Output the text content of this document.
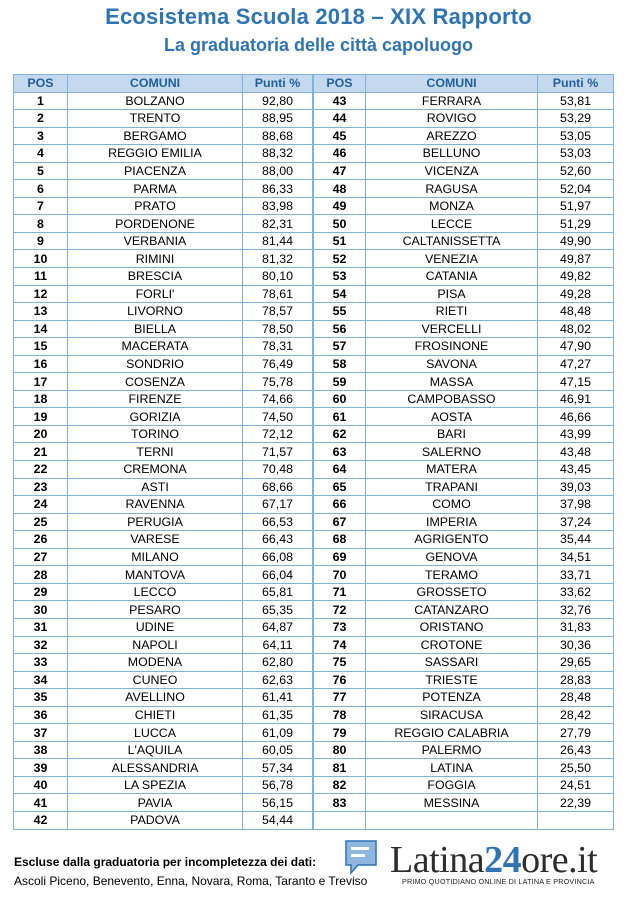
Ecosistema Scuola 2018 – XIX Rapporto
La graduatoria delle città capoluogo
POS	COMUNI	Punti %
1	BOLZANO	92,80
2	TRENTO	88,95
3	BERGAMO	88,68
4	REGGIO EMILIA	88,32
5	PIACENZA	88,00
6	PARMA	86,33
7	PRATO	83,98
8	PORDENONE	82,31
9	VERBANIA	81,44
10	RIMINI	81,32
11	BRESCIA	80,10
12	FORLI'	78,61
13	LIVORNO	78,57
14	BIELLA	78,50
15	MACERATA	78,31
16	SONDRIO	76,49
17	COSENZA	75,78
18	FIRENZE	74,66
19	GORIZIA	74,50
20	TORINO	72,12
21	TERNI	71,57
22	CREMONA	70,48
23	ASTI	68,66
24	RAVENNA	67,17
25	PERUGIA	66,53
26	VARESE	66,43
27	MILANO	66,08
28	MANTOVA	66,04
29	LECCO	65,81
30	PESARO	65,35
31	UDINE	64,87
32	NAPOLI	64,11
33	MODENA	62,80
34	CUNEO	62,63
35	AVELLINO	61,41
36	CHIETI	61,35
37	LUCCA	61,09
38	L'AQUILA	60,05
39	ALESSANDRIA	57,34
40	LA SPEZIA	56,78
41	PAVIA	56,15
42	PADOVA	54,44
POS	COMUNI	Punti %
43	FERRARA	53,81
44	ROVIGO	53,29
45	AREZZO	53,05
46	BELLUNO	53,03
47	VICENZA	52,60
48	RAGUSA	52,04
49	MONZA	51,97
50	LECCE	51,29
51	CALTANISSETTA	49,90
52	VENEZIA	49,87
53	CATANIA	49,82
54	PISA	49,28
55	RIETI	48,48
56	VERCELLI	48,02
57	FROSINONE	47,90
58	SAVONA	47,27
59	MASSA	47,15
60	CAMPOBASSO	46,91
61	AOSTA	46,66
62	BARI	43,99
63	SALERNO	43,48
64	MATERA	43,45
65	TRAPANI	39,03
66	COMO	37,98
67	IMPERIA	37,24
68	AGRIGENTO	35,44
69	GENOVA	34,51
70	TERAMO	33,71
71	GROSSETO	33,62
72	CATANZARO	32,76
73	ORISTANO	31,83
74	CROTONE	30,36
75	SASSARI	29,65
76	TRIESTE	28,83
77	POTENZA	28,48
78	SIRACUSA	28,42
79	REGGIO CALABRIA	27,79
80	PALERMO	26,43
81	LATINA	25,50
82	FOGGIA	24,51
83	MESSINA	22,39

Escluse dalla graduatoria per incompletezza dei dati:
Ascoli Piceno, Benevento, Enna, Novara, Roma, Taranto e Treviso Latina24ore.it
PRIMO QUOTIDIANO ONLINE DI LATINA E PROVINCIA
